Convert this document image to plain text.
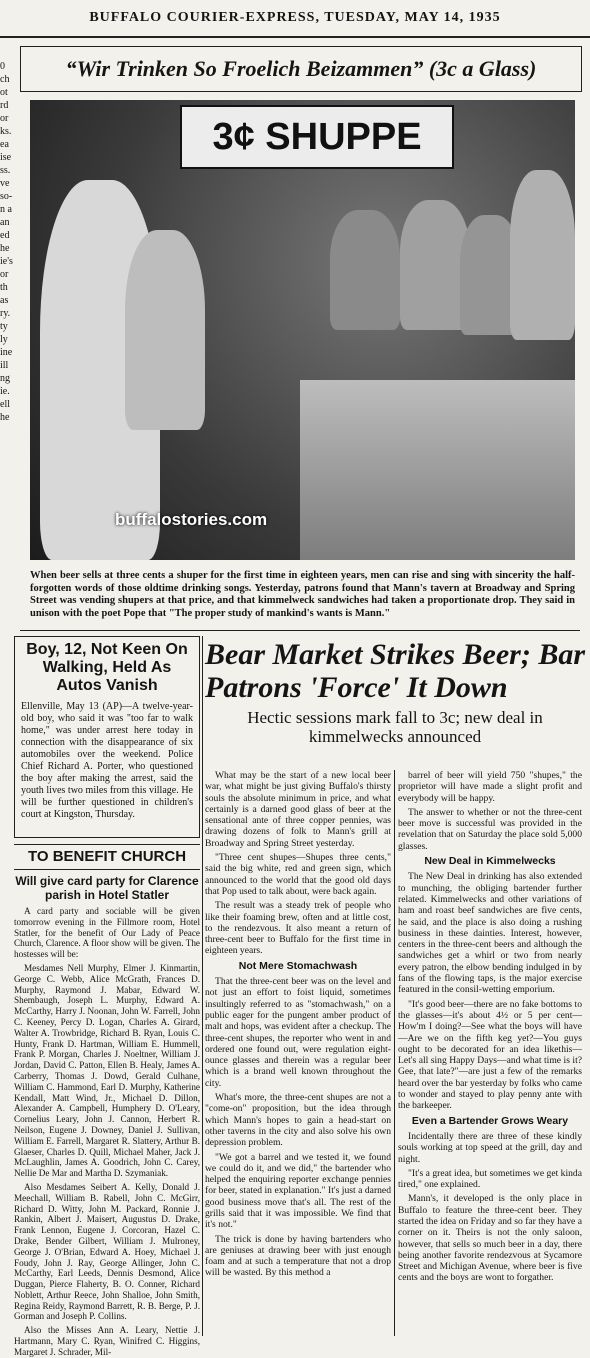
BUFFALO COURIER-EXPRESS, TUESDAY, MAY 14, 1935
0 ch ot rd or ks. ea ise ss. ve so- n a an ed he ie's or th as ry. ty ly ine ill ng ie. ell he
“Wir Trinken So Froelich Beizammen” (3c a Glass)
3¢ SHUPPE
buffalostories.com
When beer sells at three cents a shuper for the first time in eighteen years, men can rise and sing with sincerity the half-forgotten words of those oldtime drinking songs. Yesterday, patrons found that Mann's tavern at Broadway and Spring Street was vending shupers at that price, and that kimmelweck sandwiches had taken a proportionate drop. They said in unison with the poet Pope that "The proper study of mankind's wants is Mann."
Boy, 12, Not Keen On Walking, Held As Autos Vanish
Ellenville, May 13 (AP)—A twelve-year-old boy, who said it was "too far to walk home," was under arrest here today in connection with the disappearance of six automobiles over the weekend. Police Chief Richard A. Porter, who questioned the boy after making the arrest, said the youth lives two miles from this village. He will be further questioned in children's court at Kingston, Thursday.
TO BENEFIT CHURCH
Will give card party for Clarence parish in Hotel Statler

A card party and sociable will be given tomorrow evening in the Fillmore room, Hotel Statler, for the benefit of Our Lady of Peace Church, Clarence. A floor show will be given. The hostesses will be:

Mesdames Nell Murphy, Elmer J. Kinmartin, George C. Webb, Alice McGrath, Frances D. Murphy, Raymond J. Mabar, Edward W. Shembaugh, Joseph L. Murphy, Edward A. McCarthy, Harry J. Noonan, John W. Farrell, John C. Keeney, Percy D. Logan, Charles A. Girard, Walter A. Trowbridge, Richard B. Ryan, Louis C. Hunty, Frank D. Hartman, William E. Hummell, Frank P. Morgan, Charles J. Noeltner, William J. Jordan, David C. Patton, Ellen B. Healy, James A. Carberry, Thomas J. Dowd, Gerald Culhane, William C. Hammond, Earl D. Murphy, Katherine Kendall, Matt Wind, Jr., Michael D. Dillon, Alexander A. Campbell, Humphery D. O'Leary, Cornelius Leary, John J. Cannon, Herbert R. Neilson, Eugene J. Downey, Daniel J. Sullivan, William E. Farrell, Margaret R. Slattery, Arthur B. Glaeser, Charles D. Quill, Michael Maher, Jack J. McLaughlin, James A. Goodrich, John C. Carey, Nellie De Mar and Martha D. Szymaniak.

Also Mesdames Seibert A. Kelly, Donald J. Meechall, William B. Rabell, John C. McGirr, Richard D. Witty, John M. Packard, Ronnie J. Rankin, Albert J. Maisert, Augustus D. Drake, Frank Lennon, Eugene J. Corcoran, Hazel C. Drake, Bender Gilbert, William J. Mulroney, George J. O'Brian, Edward A. Hoey, Michael J. Foudy, John J. Ray, George Allinger, John C. McCarthy, Earl Leeds, Dennis Desmond, Alice Duggan, Pierce Flaherty, B. O. Conner, Richard Noblett, Arthur Reece, John Shalloe, John Smith, Regina Reidy, Raymond Barrett, R. B. Berge, P. J. Gorman and Joseph P. Collins.

Also the Misses Ann A. Leary, Nettie J. Hartmann, Mary C. Ryan, Winifred C. Higgins, Margaret J. Schrader, Mil-

Bear Market Strikes Beer; Bar Patrons 'Force' It Down
Hectic sessions mark fall to 3c; new deal in kimmelwecks announced

What may be the start of a new local beer war, what might be just giving Buffalo's thirsty souls the absolute minimum in price, and what certainly is a darned good glass of beer at the sensational ante of three copper pennies, was drawing dozens of folk to Mann's grill at Broadway and Spring Street yesterday.

"Three cent shupes—Shupes three cents," said the big white, red and green sign, which announced to the world that the good old days that Pop used to talk about, were back again.

The result was a steady trek of people who like their foaming brew, often and at little cost, to the rendezvous. It also meant a return of three-cent beer to Buffalo for the first time in eighteen years.

Not Mere Stomachwash

That the three-cent beer was on the level and not just an effort to foist liquid, sometimes insultingly referred to as "stomachwash," on a public eager for the pungent amber product of malt and hops, was evident after a checkup. The three-cent shupes, the reporter who went in and ordered one found out, were regulation eight-ounce glasses and therein was a regular beer which is a brand well known throughout the city.

What's more, the three-cent shupes are not a "come-on" proposition, but the idea through which Mann's hopes to gain a head-start on other taverns in the city and also solve his own depression problem.

"We got a barrel and we tested it, we found we could do it, and we did," the bartender who helped the enquiring reporter exchange pennies for beer, stated in explanation." It's just a darned good business move that's all. The rest of the grills said that it was impossible. We find that it's not."

The trick is done by having bartenders who are geniuses at drawing beer with just enough foam and at such a temperature that not a drop will be wasted. By this method a

barrel of beer will yield 750 "shupes," the proprietor will have made a slight profit and everybody will be happy.

The answer to whether or not the three-cent beer move is successful was provided in the revelation that on Saturday the place sold 5,000 glasses.

New Deal in Kimmelwecks

The New Deal in drinking has also extended to munching, the obliging bartender further related. Kimmelwecks and other variations of ham and roast beef sandwiches are five cents, he said, and the place is also doing a rushing business in these dainties. Interest, however, centers in the three-cent beers and although the sandwiches get a whirl or two from nearly every patron, the elbow bending indulged in by fans of the flowing taps, is the major exercise featured in the consil-wetting emporium.

"It's good beer—there are no fake bottoms to the glasses—it's about 4½ or 5 per cent—How'm I doing?—See what the boys will have—Are we on the fifth keg yet?—You guys ought to be decorated for an idea likethis—Let's all sing Happy Days—and what time is it? Gee, that late?"—are just a few of the remarks heard over the bar yesterday by folks who came to wonder and stayed to play penny ante with the barkeeper.

Even a Bartender Grows Weary

Incidentally there are three of these kindly souls working at top speed at the grill, day and night.

"It's a great idea, but sometimes we get kinda tired," one explained.

Mann's, it developed is the only place in Buffalo to feature the three-cent beer. They started the idea on Friday and so far they have a corner on it. Theirs is not the only saloon, however, that sells so much beer in a day, there being another favorite rendezvous at Sycamore Street and Michigan Avenue, where beer is five cents and the boys are wont to forgather.
